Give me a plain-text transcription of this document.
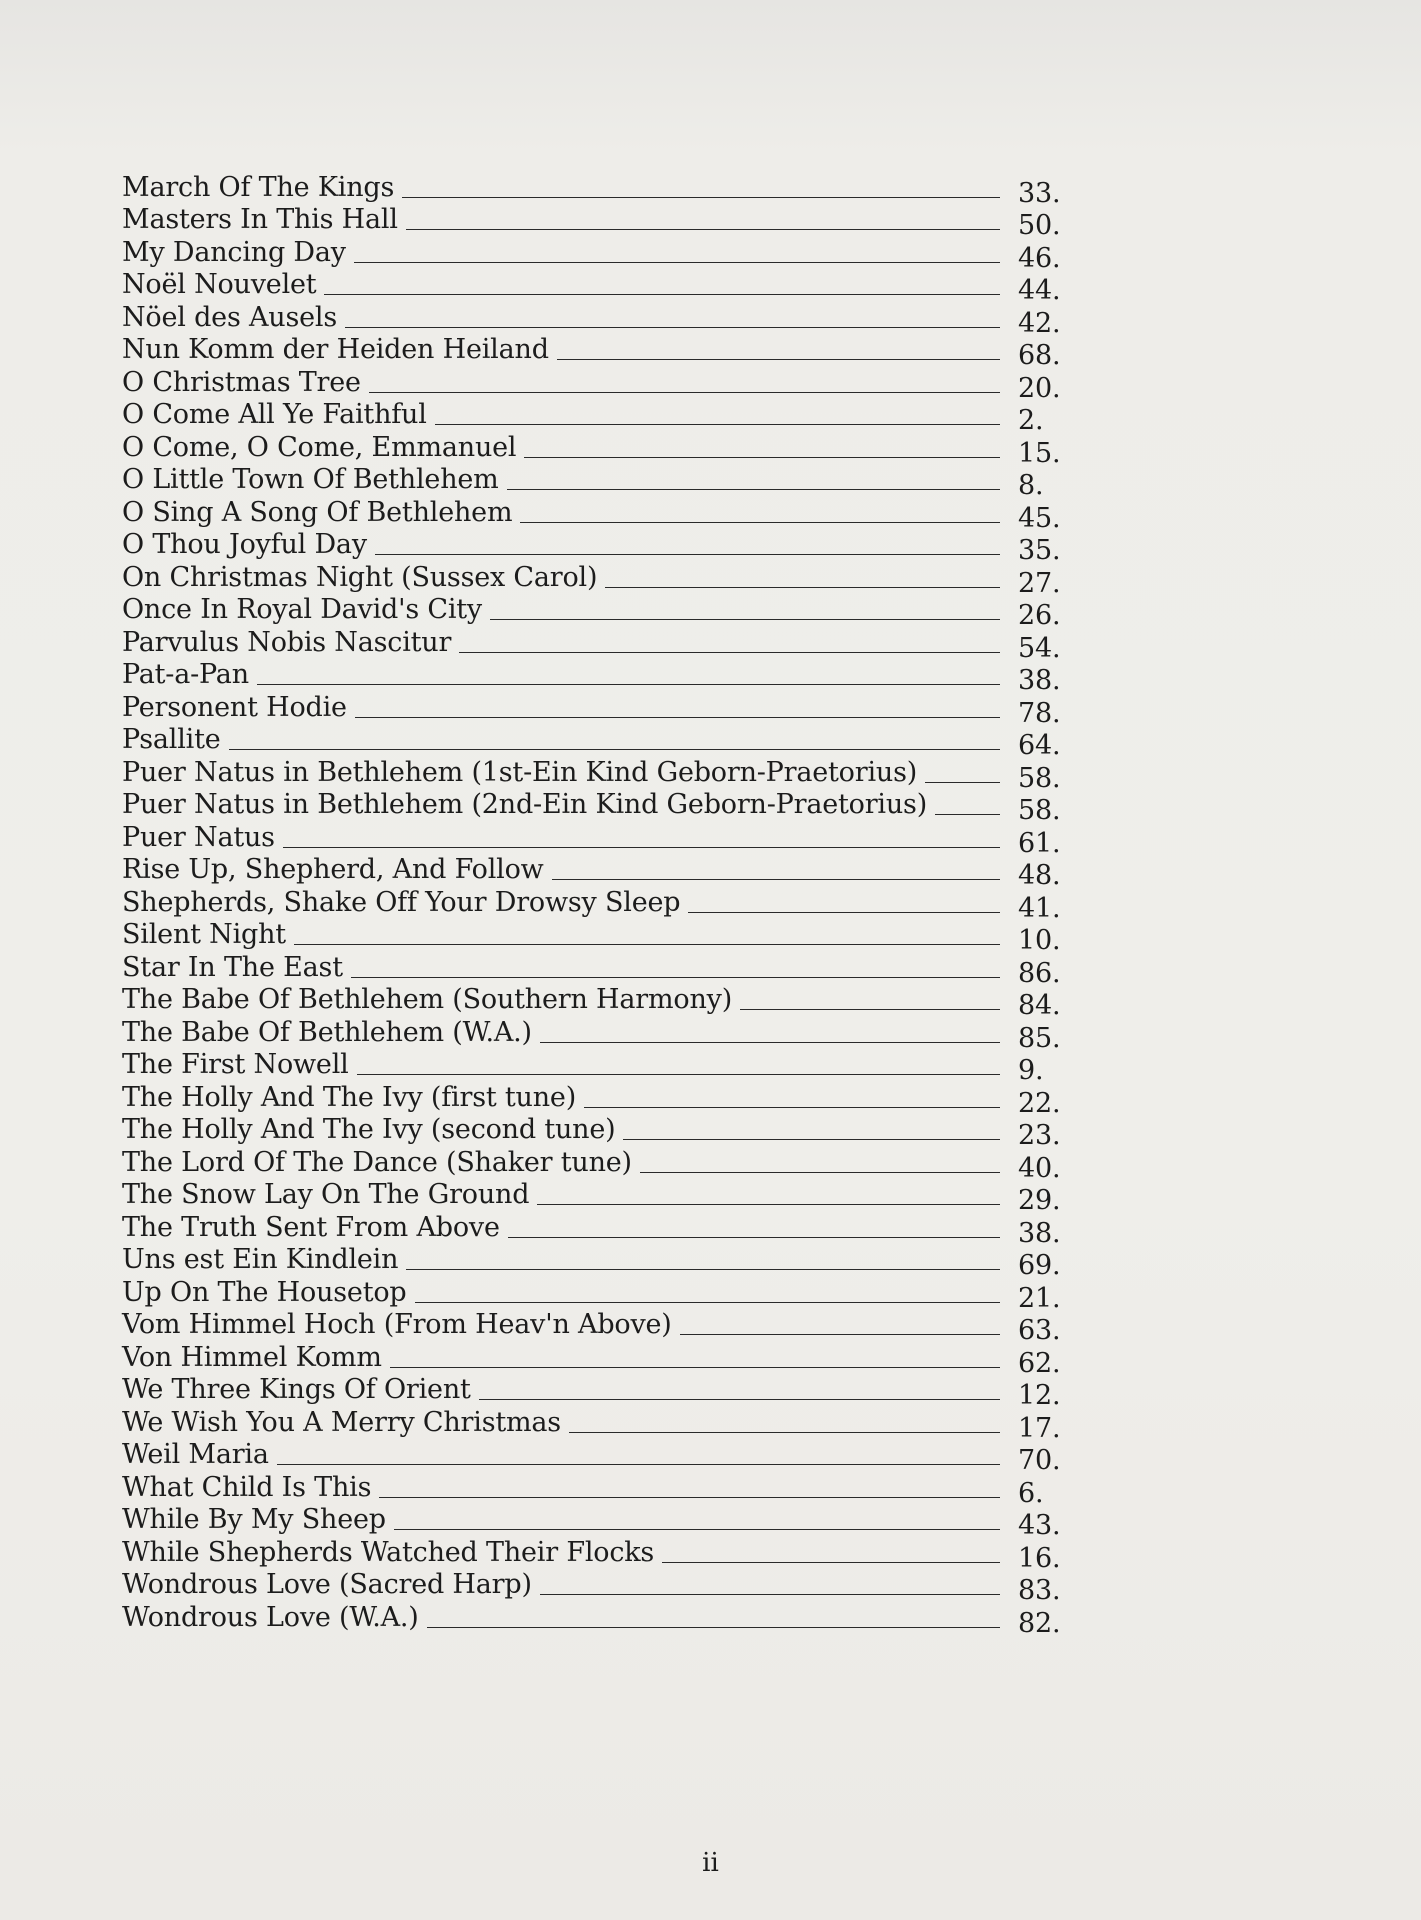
March Of The Kings	33.
Masters In This Hall	50.
My Dancing Day	46.
Noël Nouvelet	44.
Nöel des Ausels	42.
Nun Komm der Heiden Heiland	68.
O Christmas Tree	20.
O Come All Ye Faithful	2.
O Come, O Come, Emmanuel	15.
O Little Town Of Bethlehem	8.
O Sing A Song Of Bethlehem	45.
O Thou Joyful Day	35.
On Christmas Night (Sussex Carol)	27.
Once In Royal David's City	26.
Parvulus Nobis Nascitur	54.
Pat-a-Pan	38.
Personent Hodie	78.
Psallite	64.
Puer Natus in Bethlehem (1st-Ein Kind Geborn-Praetorius)	58.
Puer Natus in Bethlehem (2nd-Ein Kind Geborn-Praetorius)	58.
Puer Natus	61.
Rise Up, Shepherd, And Follow	48.
Shepherds, Shake Off Your Drowsy Sleep	41.
Silent Night	10.
Star In The East	86.
The Babe Of Bethlehem (Southern Harmony)	84.
The Babe Of Bethlehem (W.A.)	85.
The First Nowell	9.
The Holly And The Ivy (first tune)	22.
The Holly And The Ivy (second tune)	23.
The Lord Of The Dance (Shaker tune)	40.
The Snow Lay On The Ground	29.
The Truth Sent From Above	38.
Uns est Ein Kindlein	69.
Up On The Housetop	21.
Vom Himmel Hoch (From Heav'n Above)	63.
Von Himmel Komm	62.
We Three Kings Of Orient	12.
We Wish You A Merry Christmas	17.
Weil Maria	70.
What Child Is This	6.
While By My Sheep	43.
While Shepherds Watched Their Flocks	16.
Wondrous Love (Sacred Harp)	83.
Wondrous Love (W.A.)	82.
ii
